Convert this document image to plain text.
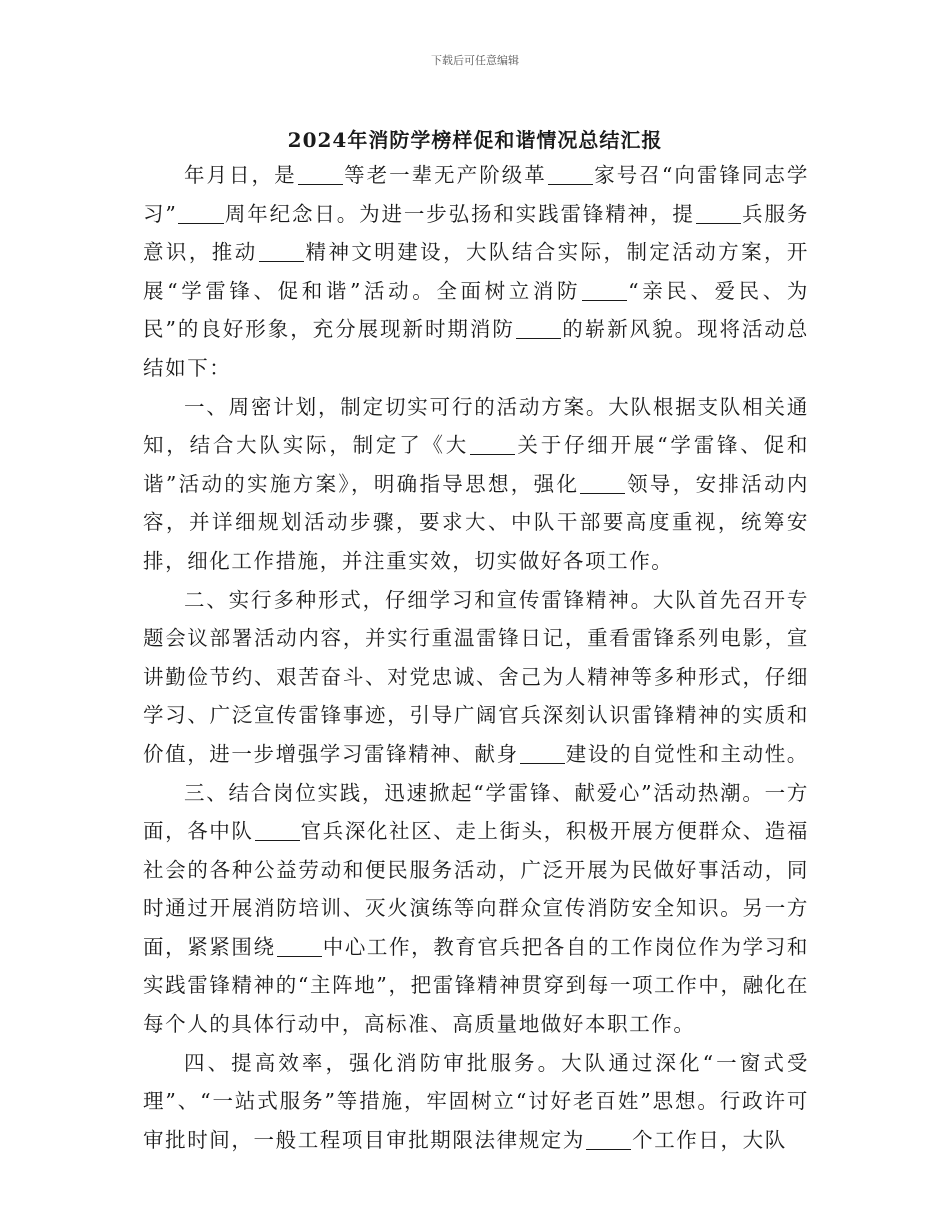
下载后可任意编辑
2024年消防学榜样促和谐情况总结汇报

年月日，是 等老一辈无产阶级革 家号召“向雷锋同志学习” 周年纪念日。为进一步弘扬和实践雷锋精神，提 兵服务意识，推动 精神文明建设，大队结合实际，制定活动方案，开展“学雷锋、促和谐”活动。全面树立消防 “亲民、爱民、为民”的良好形象，充分展现新时期消防 的崭新风貌。现将活动总结如下：

一、周密计划，制定切实可行的活动方案。大队根据支队相关通知，结合大队实际，制定了《大 关于仔细开展“学雷锋、促和谐”活动的实施方案》，明确指导思想，强化 领导，安排活动内容，并详细规划活动步骤，要求大、中队干部要高度重视，统筹安排，细化工作措施，并注重实效，切实做好各项工作。

二、实行多种形式，仔细学习和宣传雷锋精神。大队首先召开专题会议部署活动内容，并实行重温雷锋日记，重看雷锋系列电影，宣讲勤俭节约、艰苦奋斗、对党忠诚、舍己为人精神等多种形式，仔细学习、广泛宣传雷锋事迹，引导广阔官兵深刻认识雷锋精神的实质和价值，进一步增强学习雷锋精神、献身 建设的自觉性和主动性。

三、结合岗位实践，迅速掀起“学雷锋、献爱心”活动热潮。一方面，各中队 官兵深化社区、走上街头，积极开展方便群众、造福社会的各种公益劳动和便民服务活动，广泛开展为民做好事活动，同时通过开展消防培训、灭火演练等向群众宣传消防安全知识。另一方面，紧紧围绕 中心工作，教育官兵把各自的工作岗位作为学习和实践雷锋精神的“主阵地”，把雷锋精神贯穿到每一项工作中，融化在每个人的具体行动中，高标准、高质量地做好本职工作。

四、提高效率，强化消防审批服务。大队通过深化“一窗式受理”、“一站式服务”等措施，牢固树立“讨好老百姓”思想。行政许可审批时间，一般工程项目审批期限法律规定为 个工作日，大队
